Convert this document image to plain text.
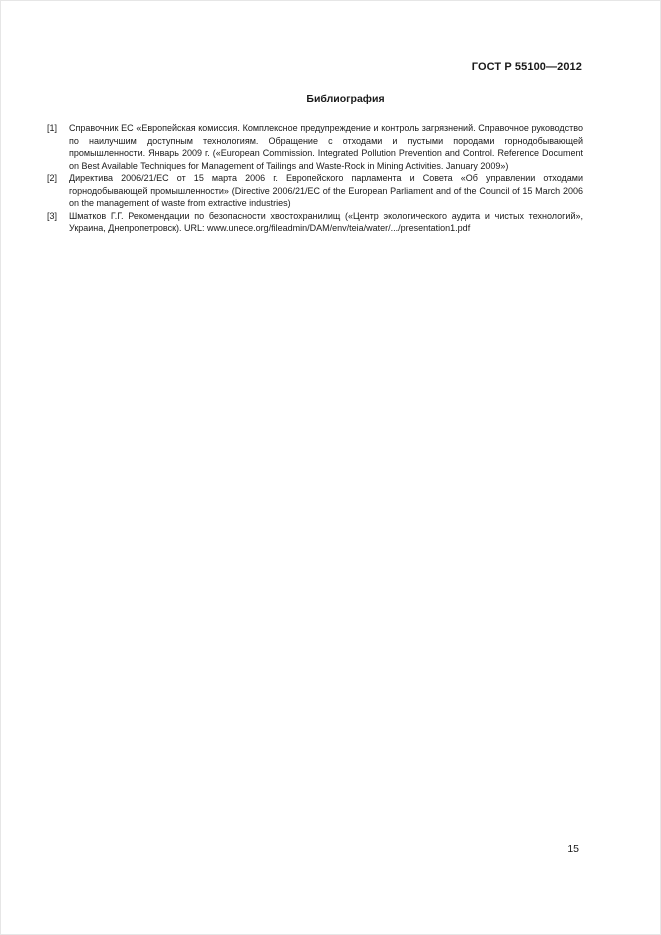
ГОСТ Р 55100—2012
Библиография
[1]	Справочник ЕС «Европейская комиссия. Комплексное предупреждение и контроль загрязнений. Справочное руководство по наилучшим доступным технологиям. Обращение с отходами и пустыми породами горнодобывающей промышленности. Январь 2009 г. («European Commission. Integrated Pollution Prevention and Control. Reference Document on Best Available Techniques for Management of Tailings and Waste-Rock in Mining Activities. January 2009»)
[2]	Директива 2006/21/ЕС от 15 марта 2006 г. Европейского парламента и Совета «Об управлении отходами горнодобывающей промышленности» (Directive 2006/21/EC of the European Parliament and of the Council of 15 March 2006 on the management of waste from extractive industries)
[3]	Шматков Г.Г. Рекомендации по безопасности хвостохранилищ («Центр экологического аудита и чистых технологий», Украина, Днепропетровск). URL: www.unece.org/fileadmin/DAM/env/teia/water/.../presentation1.pdf
15
